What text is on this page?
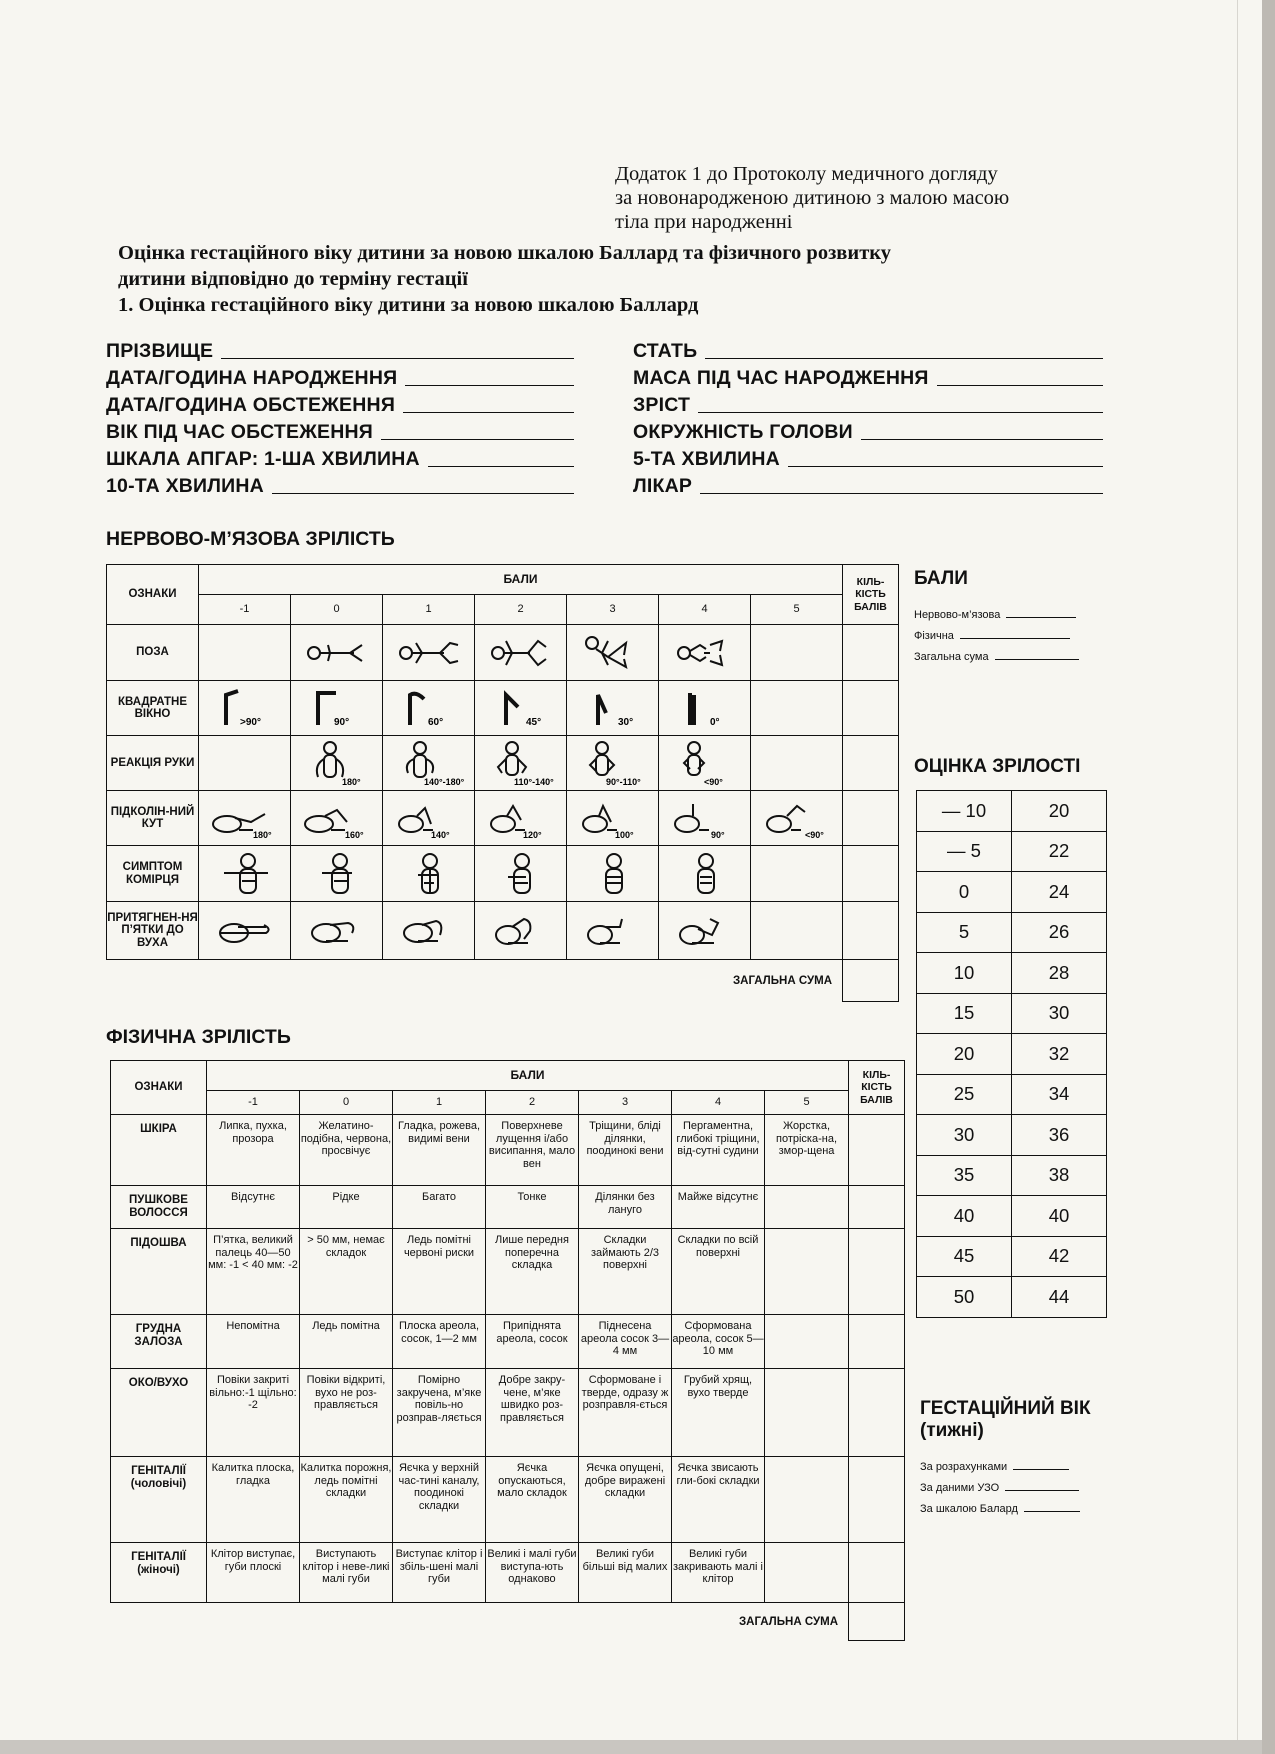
Додаток 1 до Протоколу медичного догляду
за новонародженою дитиною з малою масою
тіла при народженні
Оцінка гестаційного віку дитини за новою шкалою Баллард та фізичного розвитку
дитини відповідно до терміну гестації
1. Оцінка гестаційного віку дитини за новою шкалою Баллард
ПРІЗВИЩЕ
ДАТА/ГОДИНА НАРОДЖЕННЯ
ДАТА/ГОДИНА ОБСТЕЖЕННЯ
ВІК ПІД ЧАС ОБСТЕЖЕННЯ
ШКАЛА АПГАР: 1-ША ХВИЛИНА
10-ТА ХВИЛИНА
СТАТЬ
МАСА ПІД ЧАС НАРОДЖЕННЯ
ЗРІСТ
ОКРУЖНІСТЬ ГОЛОВИ
5-ТА ХВИЛИНА
ЛІКАР
НЕРВОВО-М’ЯЗОВА ЗРІЛІСТЬ
ОЗНАКИ	БАЛИ							КІЛЬ-КІСТЬ БАЛІВ
	-1	0	1	2	3	4	5	
ПОЗА		

КВАДРАТНЕ ВІКНО	>90°	90°	60°	45°	30°	0°		

РЕАКЦІЯ РУКИ		180°	140°-180°	110°-140°	90°-110°	<90°		

ПІДКОЛІН-НИЙ КУТ	180°	160°	140°	120°	100°	90°	<90°	

СИМПТОМ КОМІРЦЯ	

ПРИТЯГНЕН-НЯ П’ЯТКИ ДО ВУХА	

ЗАГАЛЬНА СУМА								
ФІЗИЧНА ЗРІЛІСТЬ
ОЗНАКИ	БАЛИ							КІЛЬ-КІСТЬ БАЛІВ
	-1	0	1	2	3	4	5	
ШКІРА	Липка, пухка, прозора	Желатино-подібна, червона, просвічує	Гладка, рожева, видимі вени	Поверхневе лущення і/або висипання, мало вен	Тріщини, бліді ділянки, поодинокі вени	Пергаментна, глибокі тріщини, від-сутні судини	Жорстка, потріска-на, змор-щена	
ПУШКОВЕ ВОЛОССЯ	Відсутнє	Рідке	Багато	Тонке	Ділянки без лануго	Майже відсутнє		
ПІДОШВА	П’ятка, великий палець 40—50 мм: -1 < 40 мм: -2	> 50 мм, немає складок	Ледь помітні червоні риски	Лише передня поперечна складка	Складки займають 2/3 поверхні	Складки по всій поверхні		
ГРУДНА ЗАЛОЗА	Непомітна	Ледь помітна	Плоска ареола, сосок, 1—2 мм	Припіднята ареола, сосок	Піднесена ареола сосок 3—4 мм	Сформована ареола, сосок 5—10 мм		
ОКО/ВУХО	Повіки закриті вільно:-1 щільно: -2	Повіки відкриті, вухо не роз-правляється	Помірно закручена, м’яке повіль-но розправ-ляється	Добре закру-чене, м’яке швидко роз-правляється	Сформоване і тверде, одразу ж розправля-ється	Грубий хрящ, вухо тверде		
ГЕНІТАЛІЇ (чоловічі)	Калитка плоска, гладка	Калитка порожня, ледь помітні складки	Яєчка у верхній час-тині каналу, поодинокі складки	Яєчка опускаються, мало складок	Яєчка опущені, добре виражені складки	Яєчка звисають гли-бокі складки		
ГЕНІТАЛІЇ (жіночі)	Клітор виступає, губи плоскі	Виступають клітор і неве-ликі малі губи	Виступає клітор і збіль-шені малі губи	Великі і малі губи виступа-ють однаково	Великі губи більші від малих	Великі губи закривають малі і клітор		
ЗАГАЛЬНА СУМА								
БАЛИ
Нервово-м’язова
Фізична
Загальна сума
ОЦІНКА ЗРІЛОСТІ
— 10	20
— 5	22
0	24
5	26
10	28
15	30
20	32
25	34
30	36
35	38
40	40
45	42
50	44
ГЕСТАЦІЙНИЙ ВІК
(тижні)
За розрахунками
За даними УЗО
За шкалою Балард
